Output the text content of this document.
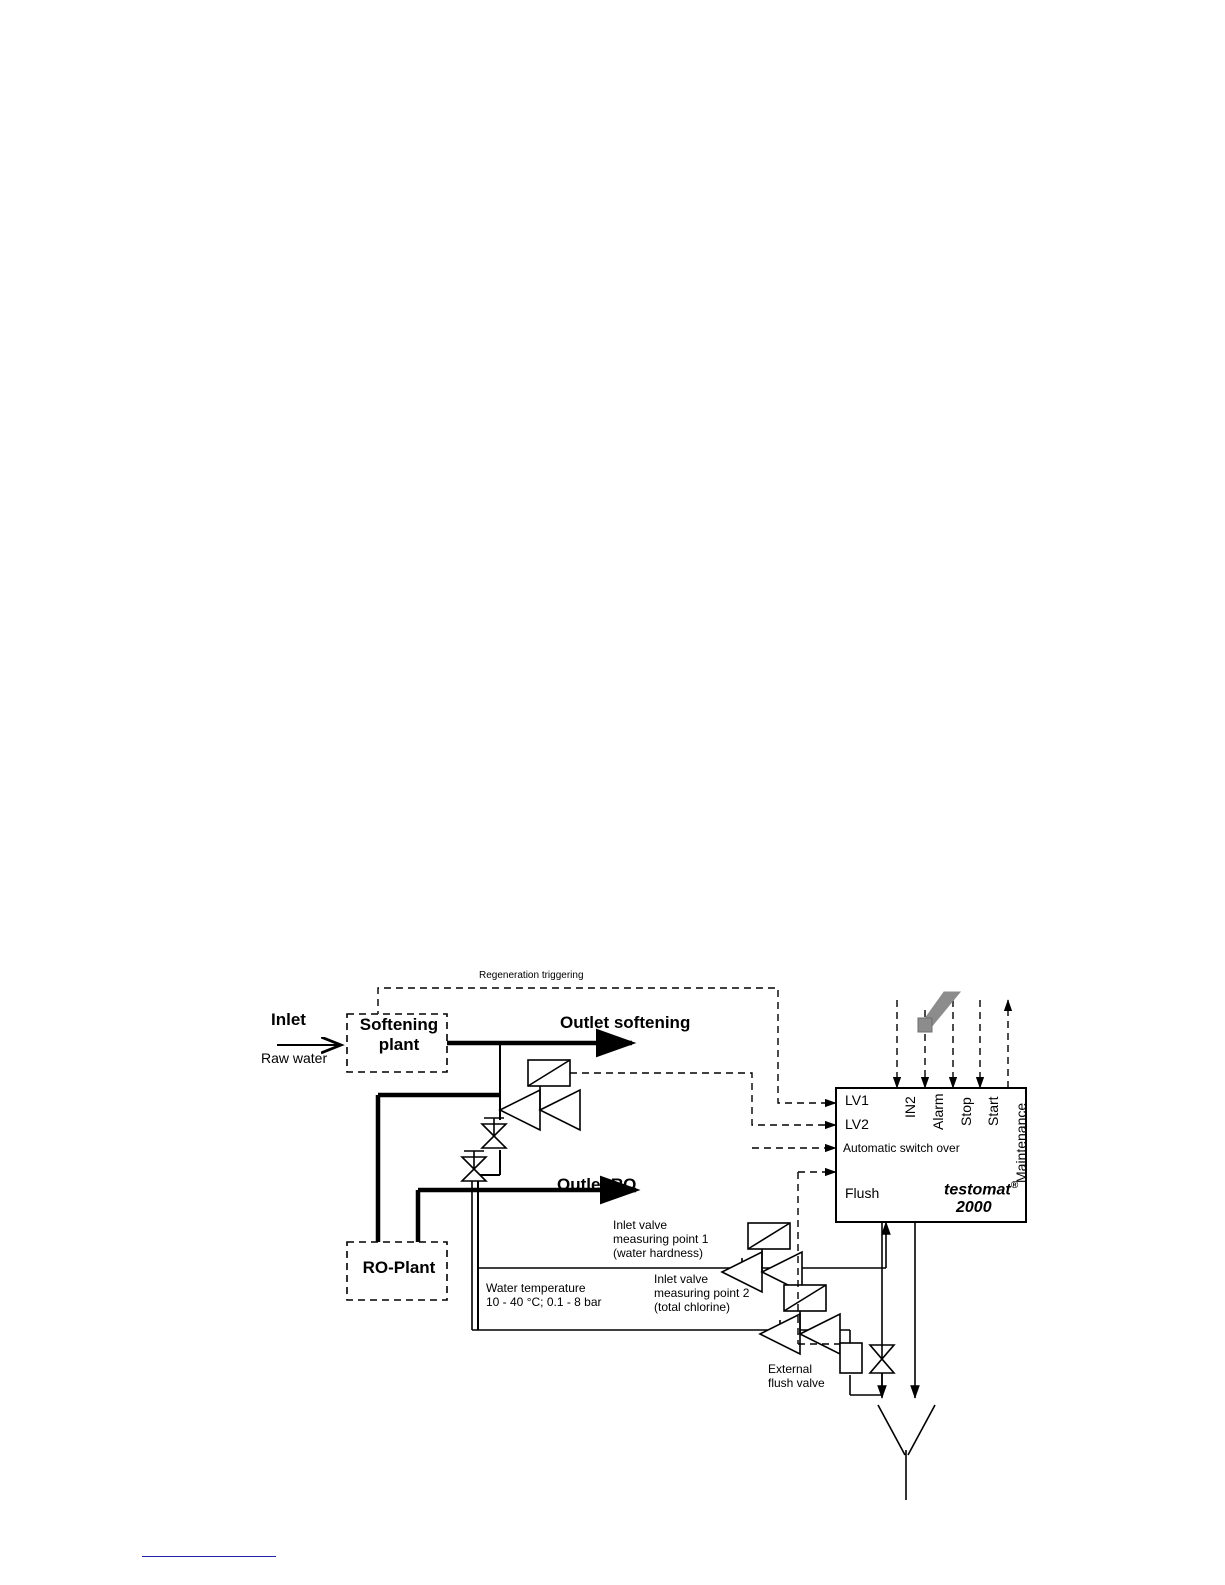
Inlet
Raw water
Softening
plant
Outlet softening
Outlet RO
RO-Plant
Regeneration triggering
Water temperature
10 - 40 °C; 0.1 - 8 bar
Inlet valve
measuring point 1
(water hardness)
Inlet valve
measuring point 2
(total chlorine)
External
flush valve
LV1
LV2
Automatic switch over
Flush	testomat®
2000
IN2 Alarm Stop Start Maintenance
